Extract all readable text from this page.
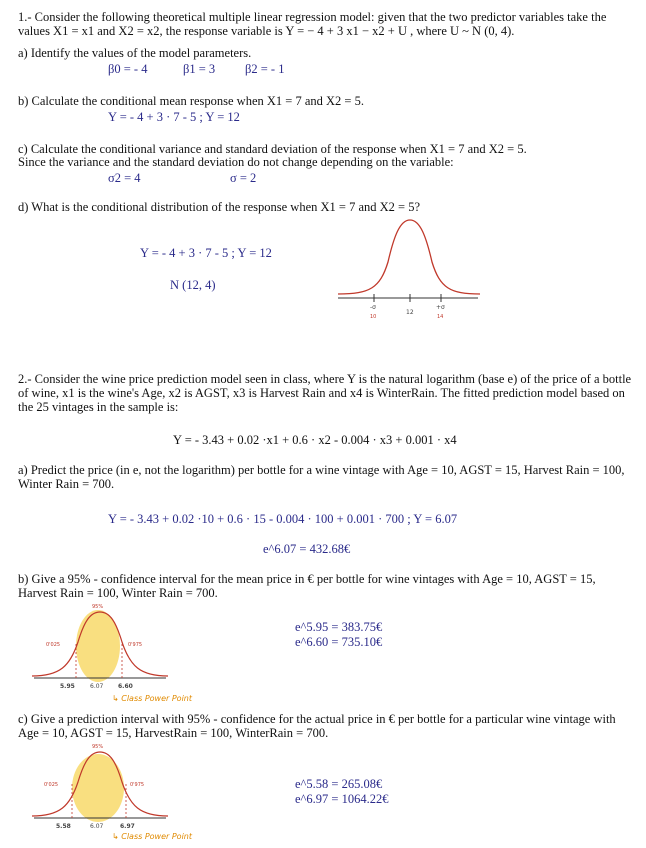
1.- Consider the following theoretical multiple linear regression model: given that the two predictor variables take the values X1 = x1 and X2 = x2, the response variable is Y = − 4 + 3 x1 − x2 + U , where U ~ N (0, 4).
a) Identify the values of the model parameters.
β0 = - 4	β1 = 3 β2 = - 1
b) Calculate the conditional mean response when X1 = 7 and X2 = 5.
Y = - 4 + 3 · 7 - 5 ; Y = 12
c) Calculate the conditional variance and standard deviation of the response when X1 = 7 and X2 = 5.
Since the variance and the standard deviation do not change depending on the variable:
σ2 = 4	σ = 2
d) What is the conditional distribution of the response when X1 = 7 and X2 = 5?
Y = - 4 + 3 · 7 - 5 ; Y = 12
N (12, 4)
-σ	+σ
12
10	14
2.- Consider the wine price prediction model seen in class, where Y is the natural logarithm (base e) of the price of a bottle of wine, x1 is the wine's Age, x2 is AGST, x3 is Harvest Rain and x4 is WinterRain. The fitted prediction model based on the 25 vintages in the sample is:
Y = - 3.43 + 0.02 ·x1 + 0.6 · x2 - 0.004 · x3 + 0.001 · x4
a) Predict the price (in e, not the logarithm) per bottle for a wine vintage with Age = 10, AGST = 15, Harvest Rain = 100, Winter Rain = 700.
Y = - 3.43 + 0.02 ·10 + 0.6 · 15 - 0.004 · 100 + 0.001 · 700 ; Y = 6.07
e^6.07 = 432.68€
b) Give a 95% - confidence interval for the mean price in € per bottle for wine vintages with Age = 10, AGST = 15, Harvest Rain = 100, Winter Rain = 700.
e^5.95 = 383.75€
e^6.60 = 735.10€
95%
0'025	0'975
5.95	6.07 6.60
↳ Class Power Point
c) Give a prediction interval with 95% - confidence for the actual price in € per bottle for a particular wine vintage with Age = 10, AGST = 15, HarvestRain = 100, WinterRain = 700.
e^5.58 = 265.08€
e^6.97 = 1064.22€
95%
0'025	0'975
5.58	6.07	6.97
↳ Class Power Point
